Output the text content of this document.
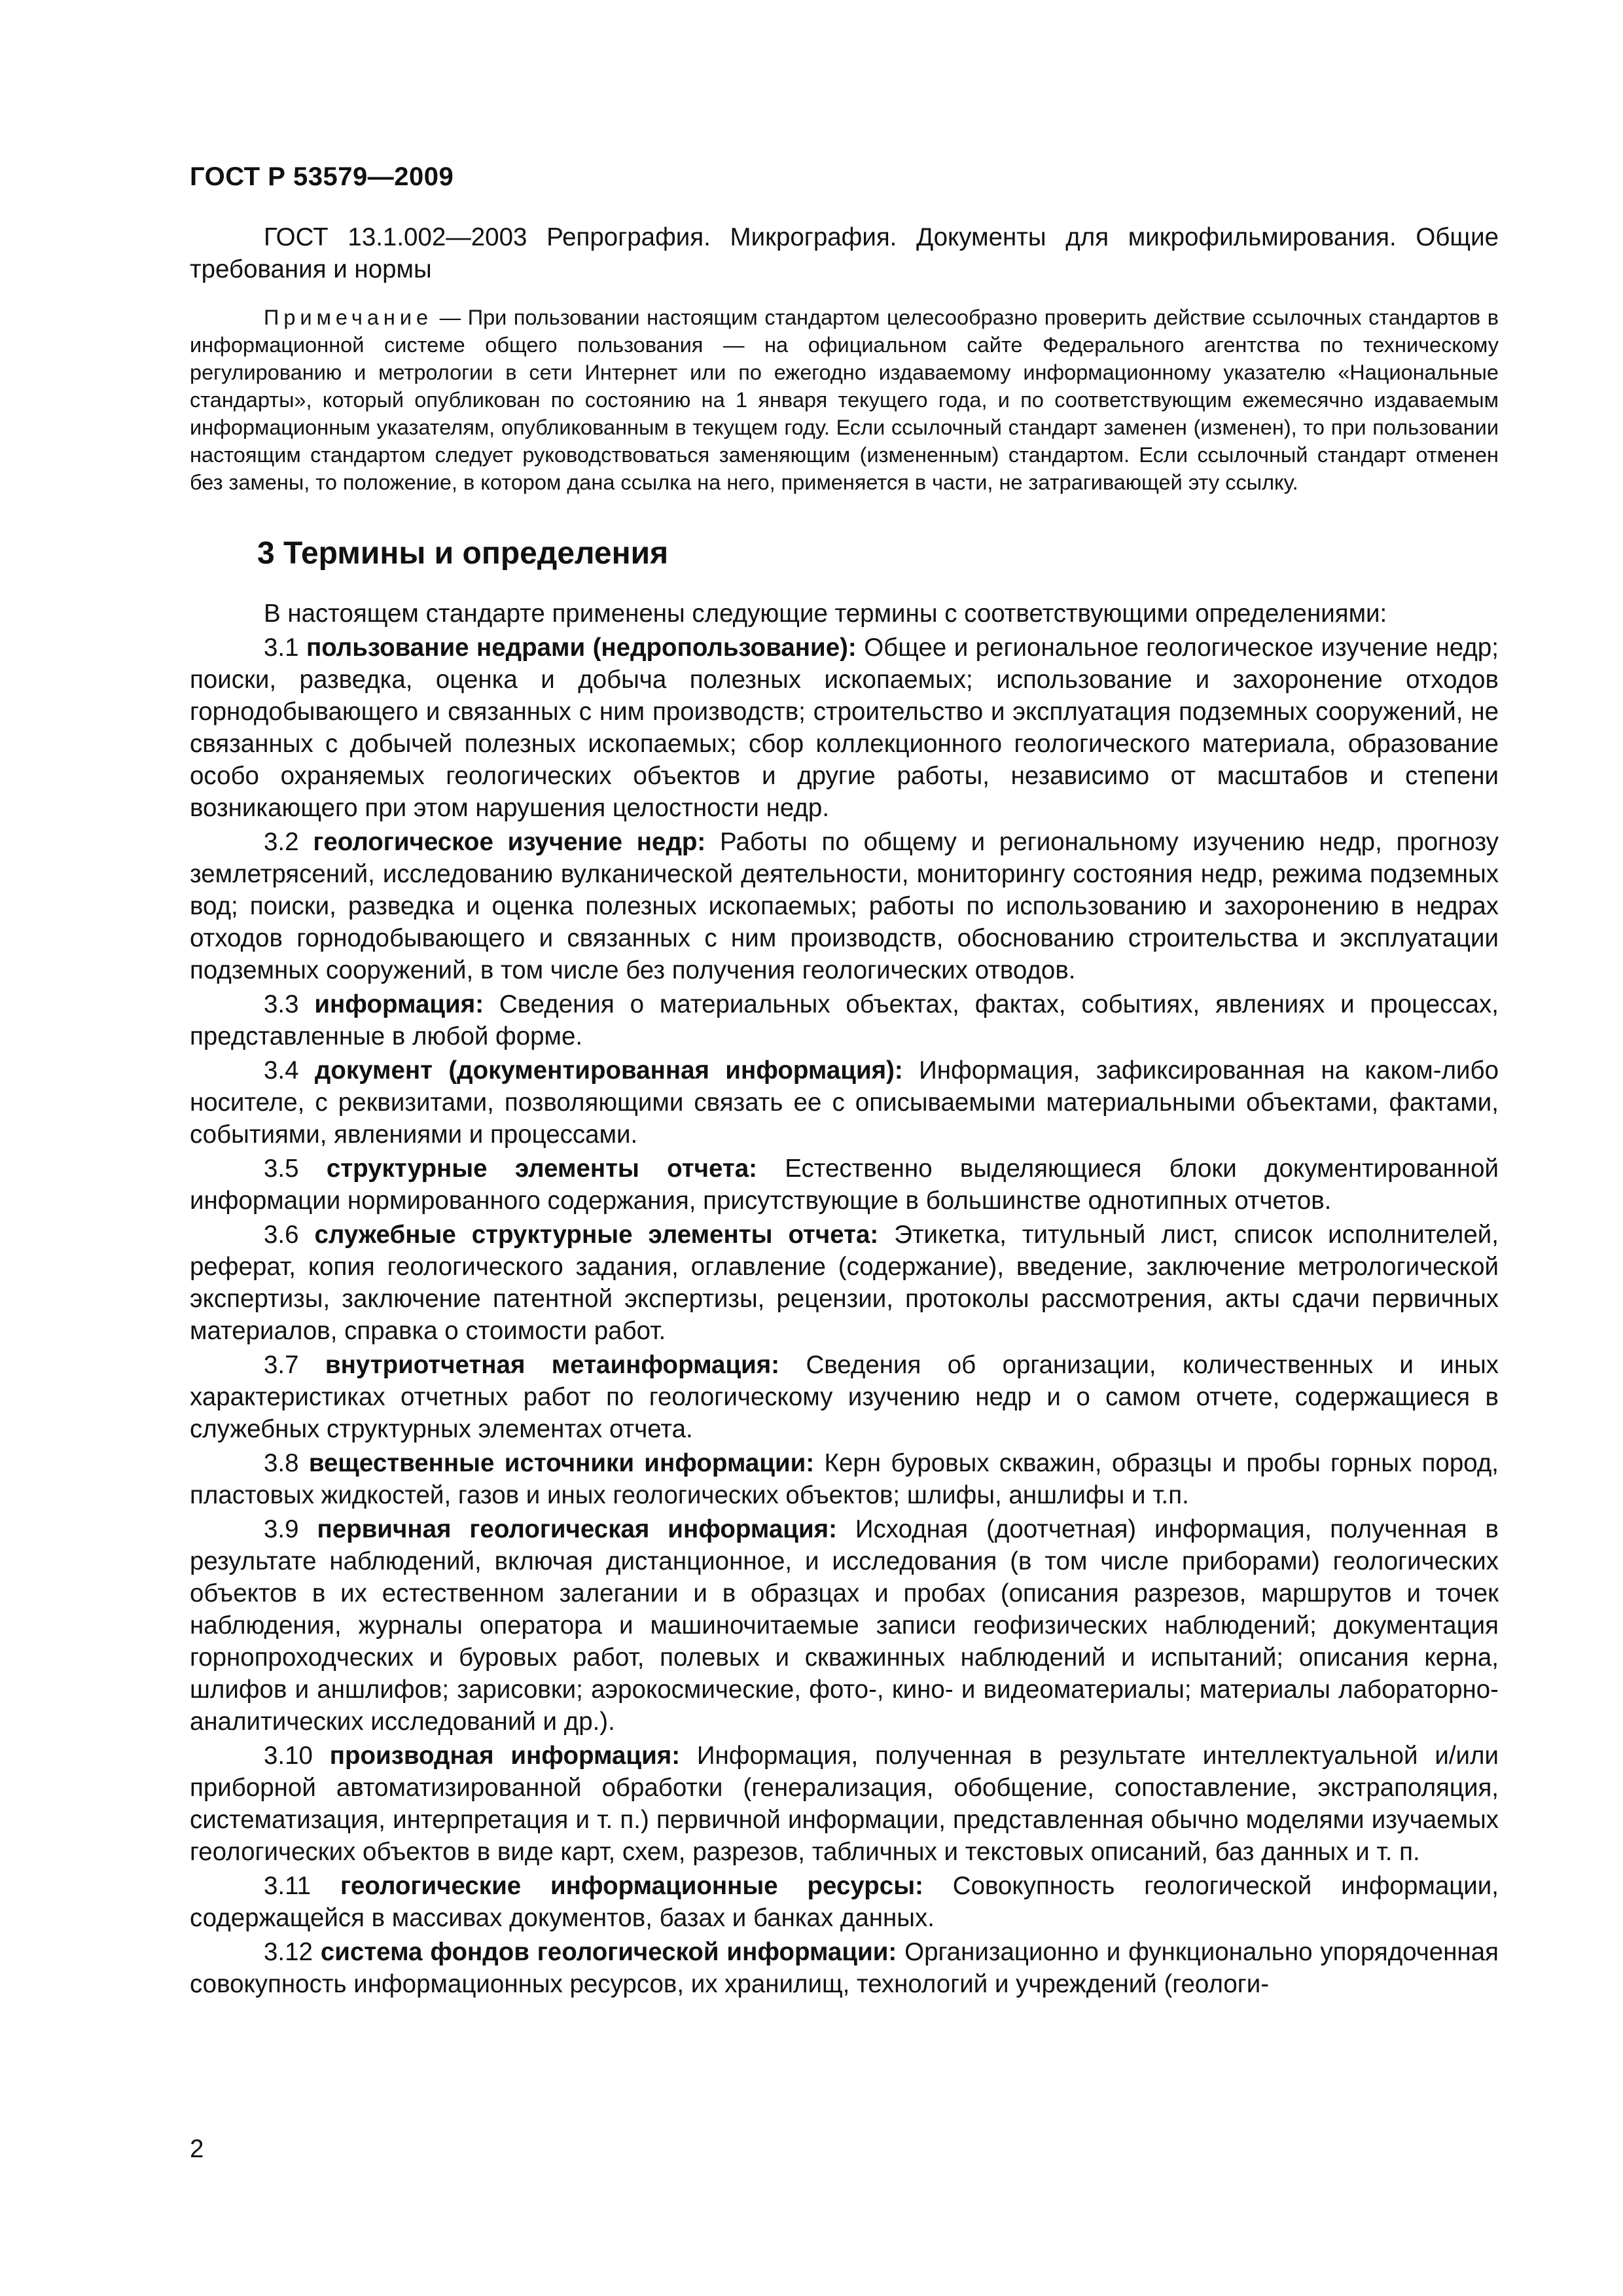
ГОСТ Р 53579—2009

ГОСТ 13.1.002—2003 Репрография. Микрография. Документы для микрофильмирования. Общие требования и нормы

Примечание — При пользовании настоящим стандартом целесообразно проверить действие ссылочных стандартов в информационной системе общего пользования — на официальном сайте Федерального агентства по техническому регулированию и метрологии в сети Интернет или по ежегодно издаваемому информационному указателю «Национальные стандарты», который опубликован по состоянию на 1 января текущего года, и по соответствующим ежемесячно издаваемым информационным указателям, опубликованным в текущем году. Если ссылочный стандарт заменен (изменен), то при пользовании настоящим стандартом следует руководствоваться заменяющим (измененным) стандартом. Если ссылочный стандарт отменен без замены, то положение, в котором дана ссылка на него, применяется в части, не затрагивающей эту ссылку.

3 Термины и определения

В настоящем стандарте применены следующие термины с соответствующими определениями:

3.1 пользование недрами (недропользование): Общее и региональное геологическое изучение недр; поиски, разведка, оценка и добыча полезных ископаемых; использование и захоронение отходов горнодобывающего и связанных с ним производств; строительство и эксплуатация подземных сооружений, не связанных с добычей полезных ископаемых; сбор коллекционного геологического материала, образование особо охраняемых геологических объектов и другие работы, независимо от масштабов и степени возникающего при этом нарушения целостности недр.

3.2 геологическое изучение недр: Работы по общему и региональному изучению недр, прогнозу землетрясений, исследованию вулканической деятельности, мониторингу состояния недр, режима подземных вод; поиски, разведка и оценка полезных ископаемых; работы по использованию и захоронению в недрах отходов горнодобывающего и связанных с ним производств, обоснованию строительства и эксплуатации подземных сооружений, в том числе без получения геологических отводов.

3.3 информация: Сведения о материальных объектах, фактах, событиях, явлениях и процессах, представленные в любой форме.

3.4 документ (документированная информация): Информация, зафиксированная на каком-либо носителе, с реквизитами, позволяющими связать ее с описываемыми материальными объектами, фактами, событиями, явлениями и процессами.

3.5 структурные элементы отчета: Естественно выделяющиеся блоки документированной информации нормированного содержания, присутствующие в большинстве однотипных отчетов.

3.6 служебные структурные элементы отчета: Этикетка, титульный лист, список исполнителей, реферат, копия геологического задания, оглавление (содержание), введение, заключение метрологической экспертизы, заключение патентной экспертизы, рецензии, протоколы рассмотрения, акты сдачи первичных материалов, справка о стоимости работ.

3.7 внутриотчетная метаинформация: Сведения об организации, количественных и иных характеристиках отчетных работ по геологическому изучению недр и о самом отчете, содержащиеся в служебных структурных элементах отчета.

3.8 вещественные источники информации: Керн буровых скважин, образцы и пробы горных пород, пластовых жидкостей, газов и иных геологических объектов; шлифы, аншлифы и т.п.

3.9 первичная геологическая информация: Исходная (доотчетная) информация, полученная в результате наблюдений, включая дистанционное, и исследования (в том числе приборами) геологических объектов в их естественном залегании и в образцах и пробах (описания разрезов, маршрутов и точек наблюдения, журналы оператора и машиночитаемые записи геофизических наблюдений; документация горнопроходческих и буровых работ, полевых и скважинных наблюдений и испытаний; описания керна, шлифов и аншлифов; зарисовки; аэрокосмические, фото-, кино- и видеоматериалы; материалы лабораторно-аналитических исследований и др.).

3.10 производная информация: Информация, полученная в результате интеллектуальной и/или приборной автоматизированной обработки (генерализация, обобщение, сопоставление, экстраполяция, систематизация, интерпретация и т. п.) первичной информации, представленная обычно моделями изучаемых геологических объектов в виде карт, схем, разрезов, табличных и текстовых описаний, баз данных и т. п.

3.11 геологические информационные ресурсы: Совокупность геологической информации, содержащейся в массивах документов, базах и банках данных.

3.12 система фондов геологической информации: Организационно и функционально упорядоченная совокупность информационных ресурсов, их хранилищ, технологий и учреждений (геологи-

2
